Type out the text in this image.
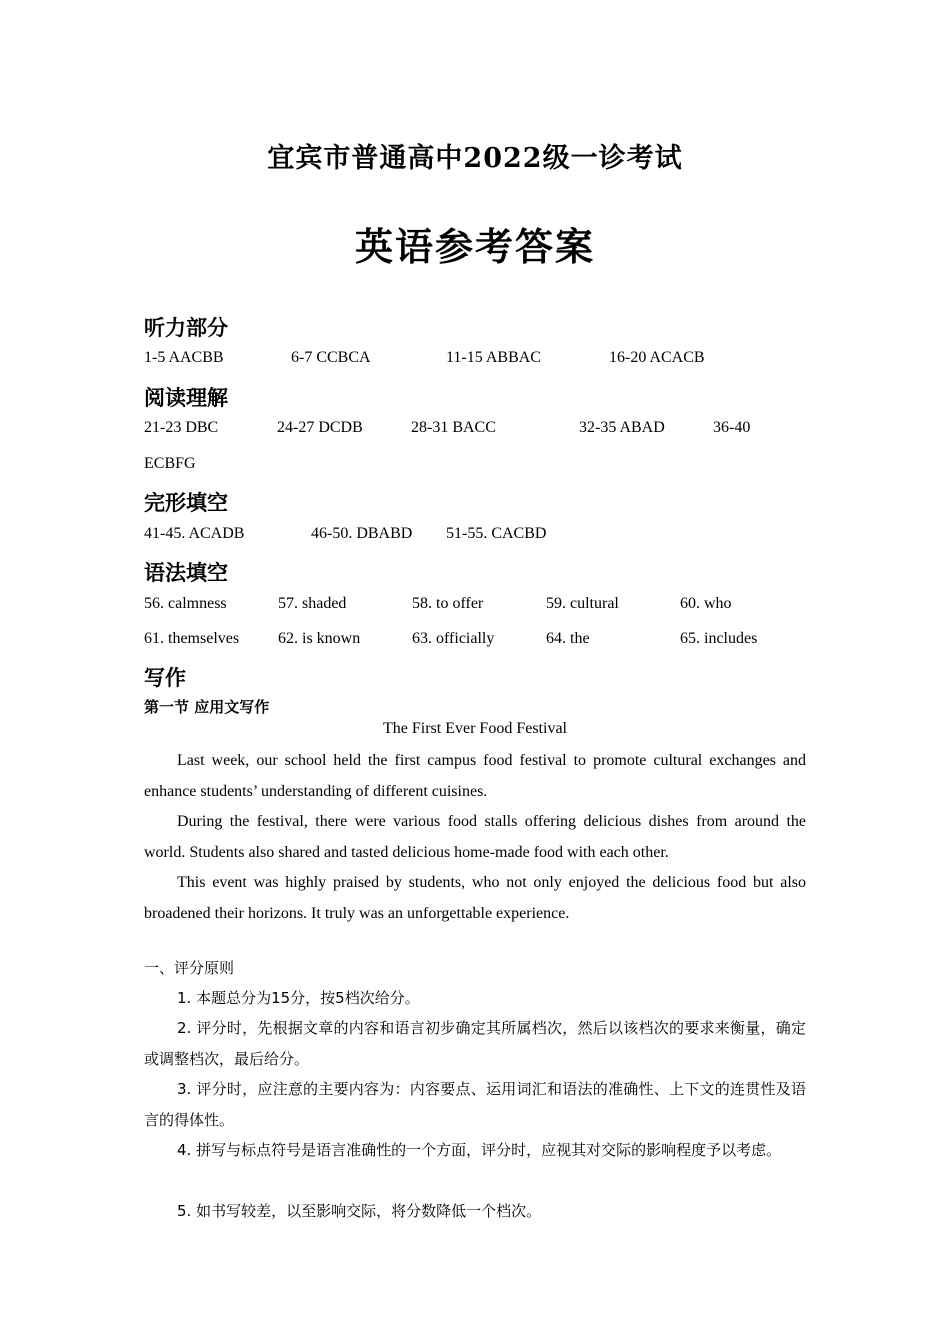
宜宾市普通高中2022级一诊考试
英语参考答案
听力部分
1-5 AACBB	6-7 CCBCA	11-15 ABBAC	16-20 ACACB
阅读理解
21-23 DBC	24-27 DCDB	28-31 BACC	32-35 ABAD	36-40
ECBFG
完形填空
41-45. ACADB	46-50. DBABD 51-55. CACBD
语法填空
56. calmness	57. shaded	58. to offer	59. cultural	60. who
61. themselves 62. is known	63. officially	64. the	65. includes
写作
第一节 应用文写作
The First Ever Food Festival
Last week, our school held the first campus food festival to promote cultural exchanges and enhance students’ understanding of different cuisines.
During the festival, there were various food stalls offering delicious dishes from around the world. Students also shared and tasted delicious home-made food with each other.
This event was highly praised by students, who not only enjoyed the delicious food but also broadened their horizons. It truly was an unforgettable experience.
一、评分原则
1. 本题总分为15分，按5档次给分。
2. 评分时，先根据文章的内容和语言初步确定其所属档次，然后以该档次的要求来衡量，确定或调整档次，最后给分。
3. 评分时，应注意的主要内容为：内容要点、运用词汇和语法的准确性、上下文的连贯性及语言的得体性。
4. 拼写与标点符号是语言准确性的一个方面，评分时，应视其对交际的影响程度予以考虑。
5. 如书写较差，以至影响交际，将分数降低一个档次。
